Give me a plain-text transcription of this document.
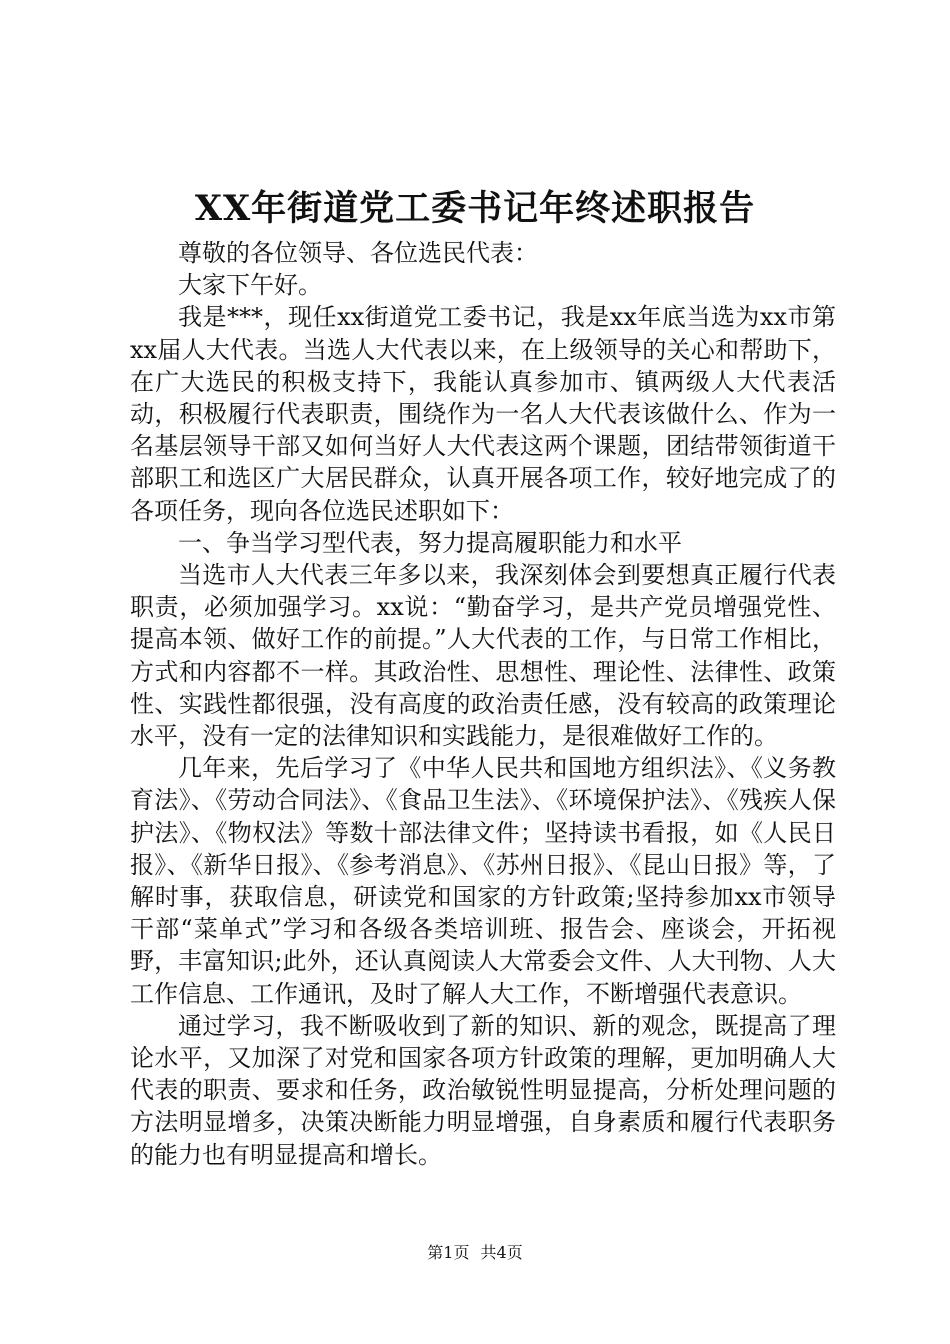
XX年街道党工委书记年终述职报告

尊敬的各位领导、各位选民代表：

大家下午好。

我是***，现任xx街道党工委书记，我是xx年底当选为xx市第xx届人大代表。当选人大代表以来，在上级领导的关心和帮助下，在广大选民的积极支持下，我能认真参加市、镇两级人大代表活动，积极履行代表职责，围绕作为一名人大代表该做什么、作为一名基层领导干部又如何当好人大代表这两个课题，团结带领街道干部职工和选区广大居民群众，认真开展各项工作，较好地完成了的各项任务，现向各位选民述职如下：

一、争当学习型代表，努力提高履职能力和水平

当选市人大代表三年多以来，我深刻体会到要想真正履行代表职责，必须加强学习。xx说：“勤奋学习，是共产党员增强党性、提高本领、做好工作的前提。”人大代表的工作，与日常工作相比，方式和内容都不一样。其政治性、思想性、理论性、法律性、政策性、实践性都很强，没有高度的政治责任感，没有较高的政策理论水平，没有一定的法律知识和实践能力，是很难做好工作的。

几年来，先后学习了《中华人民共和国地方组织法》、《义务教育法》、《劳动合同法》、《食品卫生法》、《环境保护法》、《残疾人保护法》、《物权法》等数十部法律文件；坚持读书看报，如《人民日报》、《新华日报》、《参考消息》、《苏州日报》、《昆山日报》等，了解时事，获取信息，研读党和国家的方针政策;坚持参加xx市领导干部“菜单式”学习和各级各类培训班、报告会、座谈会，开拓视野，丰富知识;此外，还认真阅读人大常委会文件、人大刊物、人大工作信息、工作通讯，及时了解人大工作，不断增强代表意识。

通过学习，我不断吸收到了新的知识、新的观念，既提高了理论水平，又加深了对党和国家各项方针政策的理解，更加明确人大代表的职责、要求和任务，政治敏锐性明显提高，分析处理问题的方法明显增多，决策决断能力明显增强，自身素质和履行代表职务的能力也有明显提高和增长。

第1页 共4页
